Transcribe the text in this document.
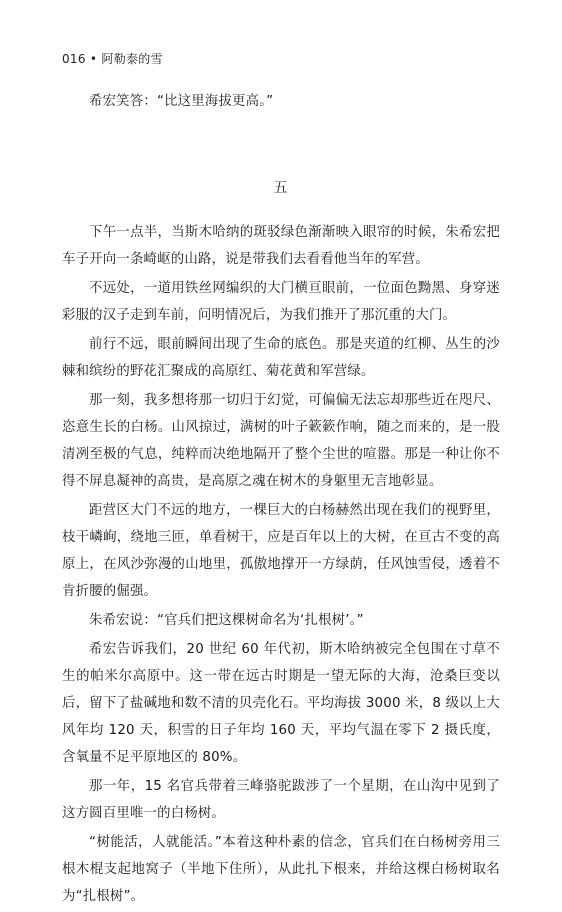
016 • 阿勒泰的雪

希宏笑答：“比这里海拔更高。”

五

下午一点半，当斯木哈纳的斑驳绿色渐渐映入眼帘的时候，朱希宏把车子开向一条崎岖的山路，说是带我们去看看他当年的军营。

不远处，一道用铁丝网编织的大门横亘眼前，一位面色黝黑、身穿迷彩服的汉子走到车前，问明情况后，为我们推开了那沉重的大门。

前行不远，眼前瞬间出现了生命的底色。那是夹道的红柳、丛生的沙棘和缤纷的野花汇聚成的高原红、菊花黄和军营绿。

那一刻，我多想将那一切归于幻觉，可偏偏无法忘却那些近在咫尺、恣意生长的白杨。山风掠过，满树的叶子簌簌作响，随之而来的，是一股清冽至极的气息，纯粹而决绝地隔开了整个尘世的喧嚣。那是一种让你不得不屏息凝神的高贵，是高原之魂在树木的身躯里无言地彰显。

距营区大门不远的地方，一棵巨大的白杨赫然出现在我们的视野里，枝干嶙峋，绕地三匝，单看树干，应是百年以上的大树，在亘古不变的高原上，在风沙弥漫的山地里，孤傲地撑开一方绿荫，任风蚀雪侵，透着不肯折腰的倔强。

朱希宏说：“官兵们把这棵树命名为‘扎根树’。”

希宏告诉我们，20 世纪 60 年代初，斯木哈纳被完全包围在寸草不生的帕米尔高原中。这一带在远古时期是一望无际的大海，沧桑巨变以后，留下了盐碱地和数不清的贝壳化石。平均海拔 3000 米，8 级以上大风年均 120 天，积雪的日子年均 160 天，平均气温在零下 2 摄氏度，含氧量不足平原地区的 80%。

那一年，15 名官兵带着三峰骆驼跋涉了一个星期，在山沟中见到了这方圆百里唯一的白杨树。

“树能活，人就能活。”本着这种朴素的信念，官兵们在白杨树旁用三根木棍支起地窝子（半地下住所），从此扎下根来，并给这棵白杨树取名为“扎根树”。
